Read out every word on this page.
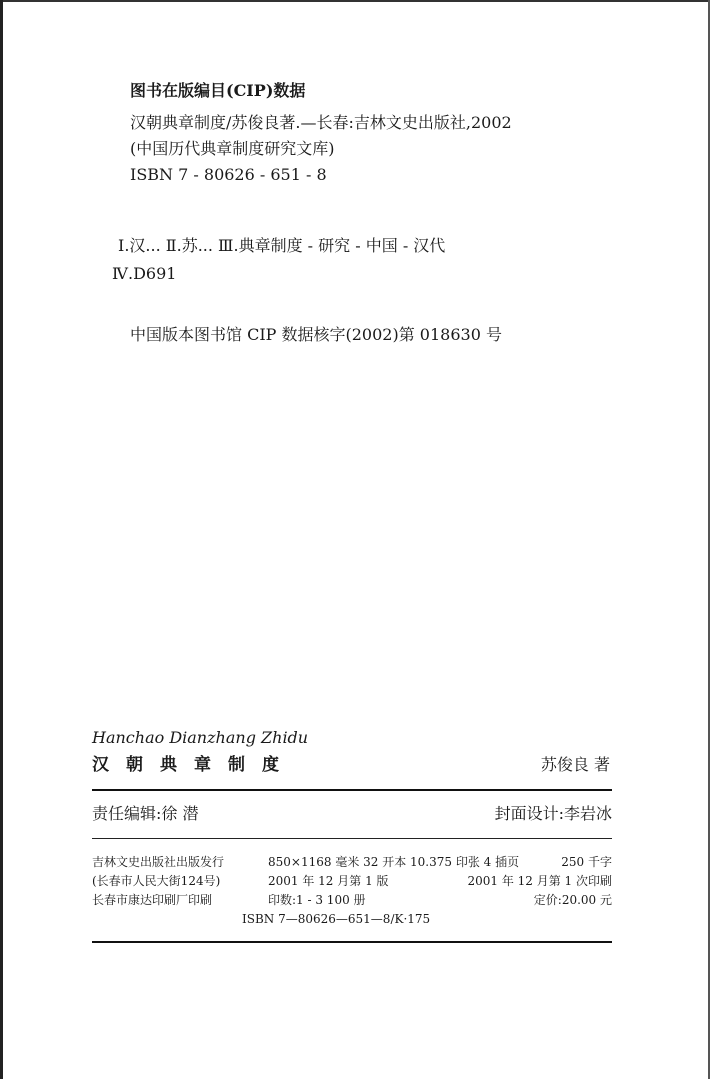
图书在版编目(CIP)数据

汉朝典章制度/苏俊良著.—长春:吉林文史出版社,2002

(中国历代典章制度研究文库)

ISBN 7 - 80626 - 651 - 8

Ⅰ.汉... Ⅱ.苏... Ⅲ.典章制度 - 研究 - 中国 - 汉代

Ⅳ.D691

中国版本图书馆 CIP 数据核字(2002)第 018630 号

Hanchao Dianzhang Zhidu

汉朝典章制度	苏俊良 著
责任编辑:徐 潜	封面设计:李岩冰
吉林文史出版社出版发行	850×1168 毫米 32 开本 10.375 印张 4 插页	250 千字
(长春市人民大街124号)	2001 年 12 月第 1 版	2001 年 12 月第 1 次印刷
长春市康达印刷厂印刷	印数:1 - 3 100 册	定价:20.00 元
ISBN 7—80626—651—8/K·175
